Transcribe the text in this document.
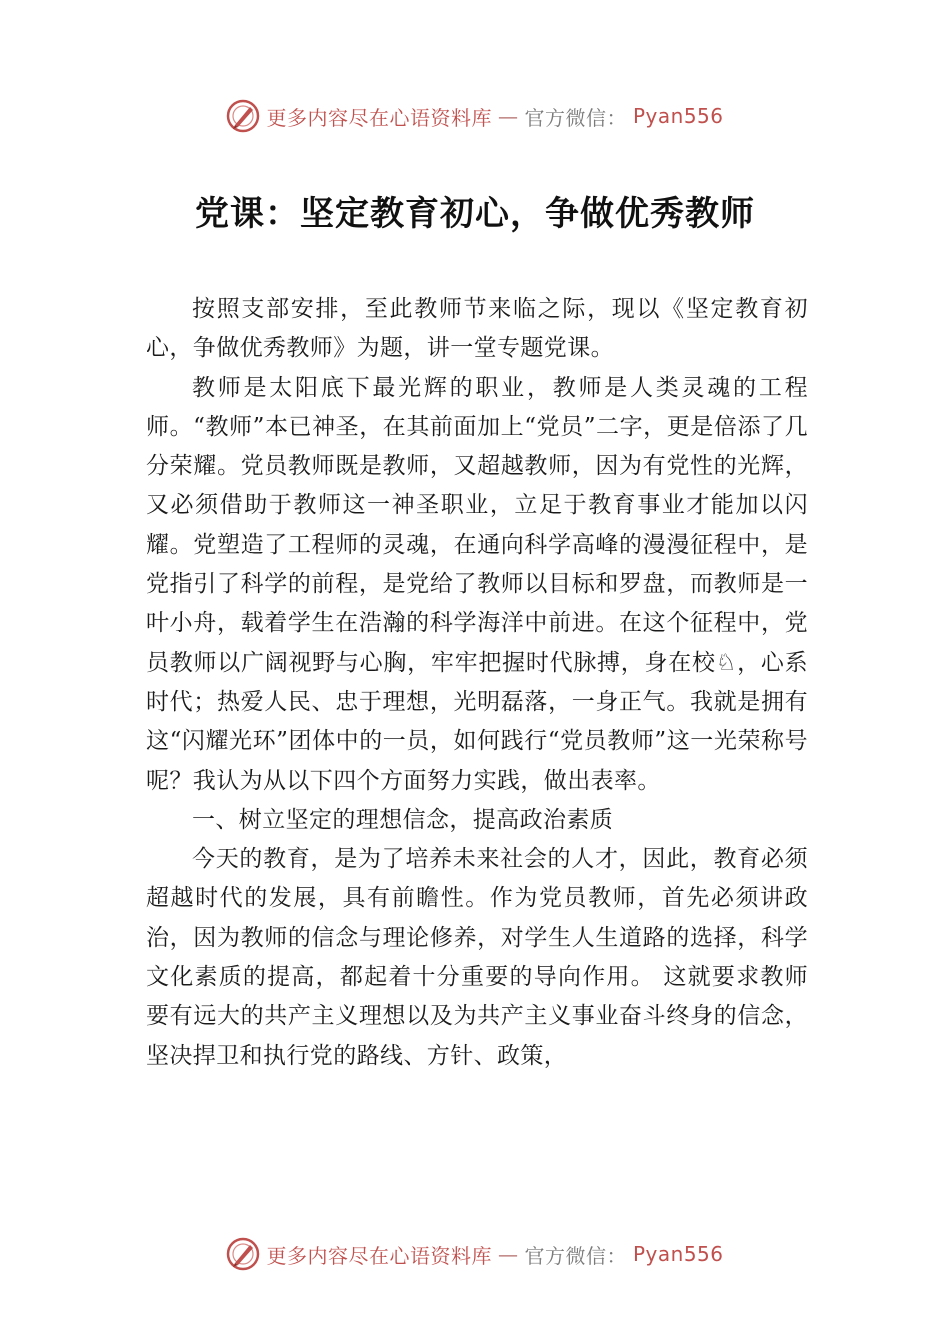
更多内容尽在心语资料库 — 官方微信： Pyan556
党课：坚定教育初心，争做优秀教师

按照支部安排，至此教师节来临之际，现以《坚定教育初心，争做优秀教师》为题，讲一堂专题党课。

教师是太阳底下最光辉的职业，教师是人类灵魂的工程师。“教师”本已神圣，在其前面加上“党员”二字，更是倍添了几分荣耀。党员教师既是教师，又超越教师，因为有党性的光辉，又必须借助于教师这一神圣职业，立足于教育事业才能加以闪耀。党塑造了工程师的灵魂，在通向科学高峰的漫漫征程中，是党指引了科学的前程，是党给了教师以目标和罗盘，而教师是一叶小舟，载着学生在浩瀚的科学海洋中前进。在这个征程中，党员教师以广阔视野与心胸，牢牢把握时代脉搏，身在校♘，心系时代；热爱人民、忠于理想，光明磊落，一身正气。我就是拥有这“闪耀光环”团体中的一员，如何践行“党员教师”这一光荣称号呢？我认为从以下四个方面努力实践，做出表率。

一、树立坚定的理想信念，提高政治素质

今天的教育，是为了培养未来社会的人才，因此，教育必须超越时代的发展，具有前瞻性。作为党员教师，首先必须讲政治，因为教师的信念与理论修养，对学生人生道路的选择，科学文化素质的提高，都起着十分重要的导向作用。 这就要求教师要有远大的共产主义理想以及为共产主义事业奋斗终身的信念，坚决捍卫和执行党的路线、方针、政策，

更多内容尽在心语资料库 — 官方微信： Pyan556
